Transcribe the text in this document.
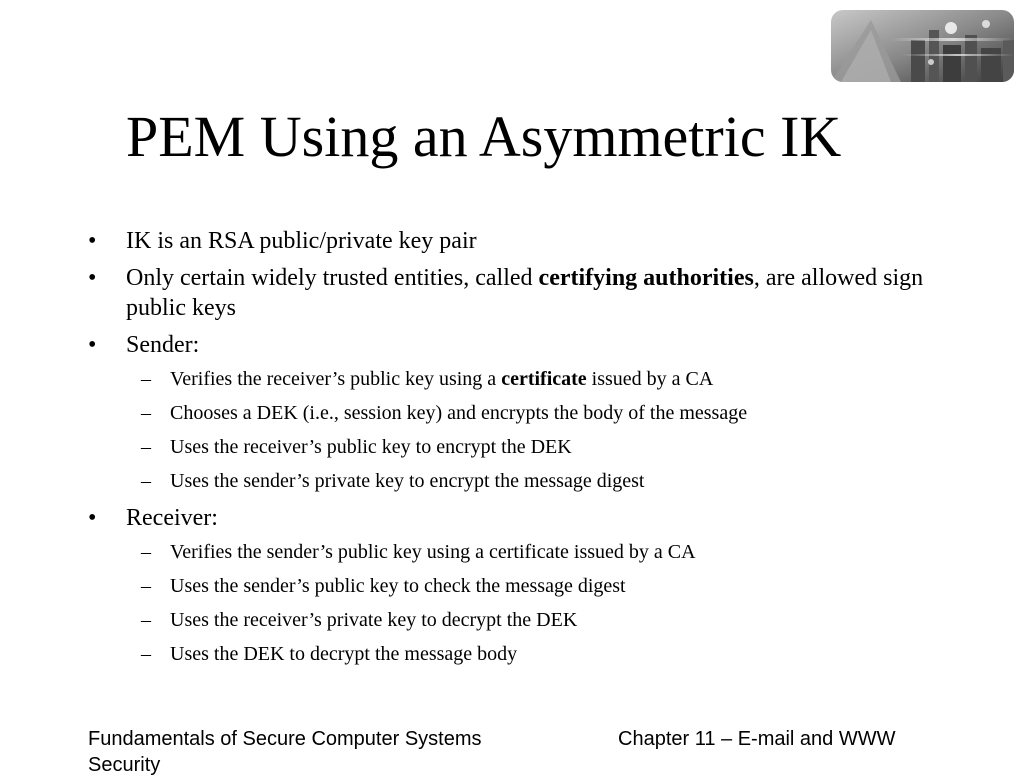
PEM Using an Asymmetric IK
•	IK is an RSA public/private key pair
•	Only certain widely trusted entities, called certifying authorities, are allowed sign public keys
•	Sender:
– Verifies the receiver’s public key using a certificate issued by a CA
– Chooses a DEK (i.e., session key) and encrypts the body of the message
– Uses the receiver’s public key to encrypt the DEK
– Uses the sender’s private key to encrypt the message digest
•	Receiver:
– Verifies the sender’s public key using a certificate issued by a CA
– Uses the sender’s public key to check the message digest
– Uses the receiver’s private key to decrypt the DEK
– Uses the DEK to decrypt the message body
Fundamentals of Secure Computer Systems Security
Chapter 11 – E-mail and WWW
